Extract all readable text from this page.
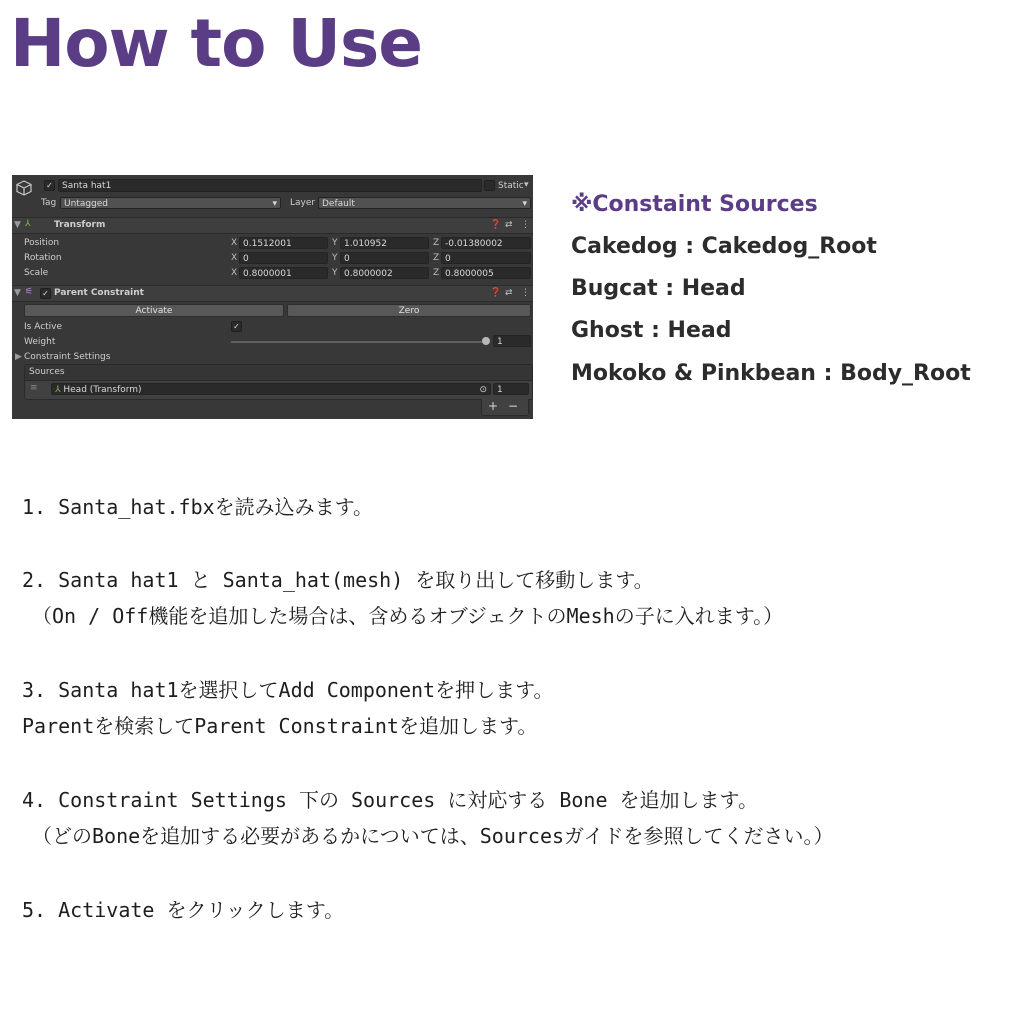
How to Use
✓	Santa hat1	Static ▾
Tag Untagged	▾ Layer Default	▾
▼ ⅄	Transform	❓ ⇄ ⋮
Position	X 0.1512001	Y 1.010952	Z -0.01380002
Rotation	X 0	Y 0	Z 0
Scale	X 0.8000001	Y 0.8000002	Z 0.8000005
▼ ⚟ ✓ Parent Constraint	❓ ⇄ ⋮
Activate	Zero
Is Active	✓
Weight	1
▶ Constraint Settings
Sources
≡	⅄ Head (Transform)	⊙	1
+ −
※Constaint Sources
Cakedog : Cakedog_Root
Bugcat : Head
Ghost : Head
Mokoko & Pinkbean : Body_Root
1. Santa_hat.fbxを読み込みます。
2. Santa hat1 と Santa_hat(mesh) を取り出して移動します。
（On / Off機能を追加した場合は、含めるオブジェクトのMeshの子に入れます。）
3. Santa hat1を選択してAdd Componentを押します。
Parentを検索してParent Constraintを追加します。
4. Constraint Settings 下の Sources に対応する Bone を追加します。
（どのBoneを追加する必要があるかについては、Sourcesガイドを参照してください。）
5. Activate をクリックします。
